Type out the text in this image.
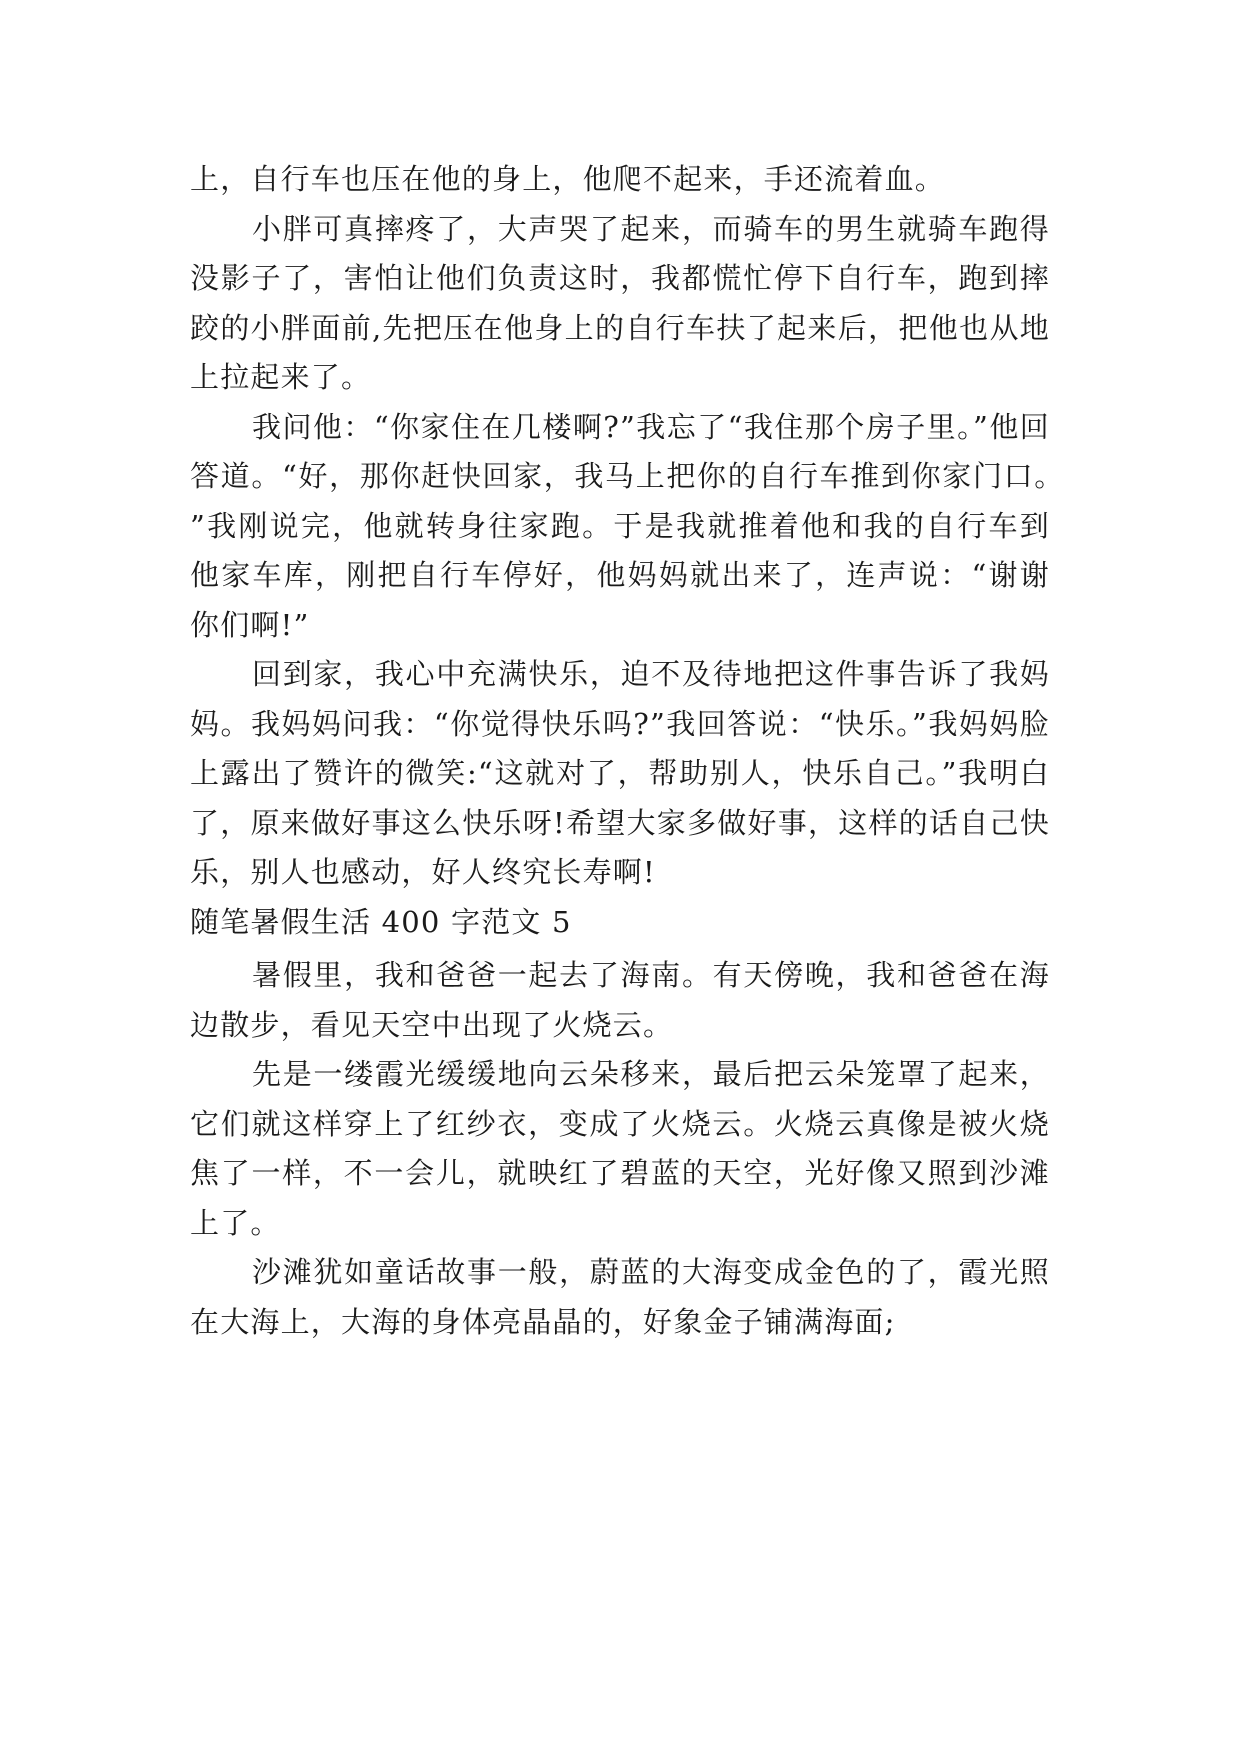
上，自行车也压在他的身上，他爬不起来，手还流着血。

小胖可真摔疼了，大声哭了起来，而骑车的男生就骑车跑得没影子了，害怕让他们负责这时，我都慌忙停下自行车，跑到摔跤的小胖面前,先把压在他身上的自行车扶了起来后，把他也从地上拉起来了。

我问他：“你家住在几楼啊?”我忘了“我住那个房子里。”他回答道。“好，那你赶快回家，我马上把你的自行车推到你家门口。”我刚说完，他就转身往家跑。于是我就推着他和我的自行车到他家车库，刚把自行车停好，他妈妈就出来了，连声说：“谢谢你们啊!”

回到家，我心中充满快乐，迫不及待地把这件事告诉了我妈妈。我妈妈问我：“你觉得快乐吗?”我回答说：“快乐。”我妈妈脸上露出了赞许的微笑:“这就对了，帮助别人，快乐自己。”我明白了，原来做好事这么快乐呀!希望大家多做好事，这样的话自己快乐，别人也感动，好人终究长寿啊!

随笔暑假生活 400 字范文 5

暑假里，我和爸爸一起去了海南。有天傍晚，我和爸爸在海边散步，看见天空中出现了火烧云。

先是一缕霞光缓缓地向云朵移来，最后把云朵笼罩了起来，它们就这样穿上了红纱衣，变成了火烧云。火烧云真像是被火烧焦了一样，不一会儿，就映红了碧蓝的天空，光好像又照到沙滩上了。

沙滩犹如童话故事一般，蔚蓝的大海变成金色的了，霞光照在大海上，大海的身体亮晶晶的，好象金子铺满海面;
